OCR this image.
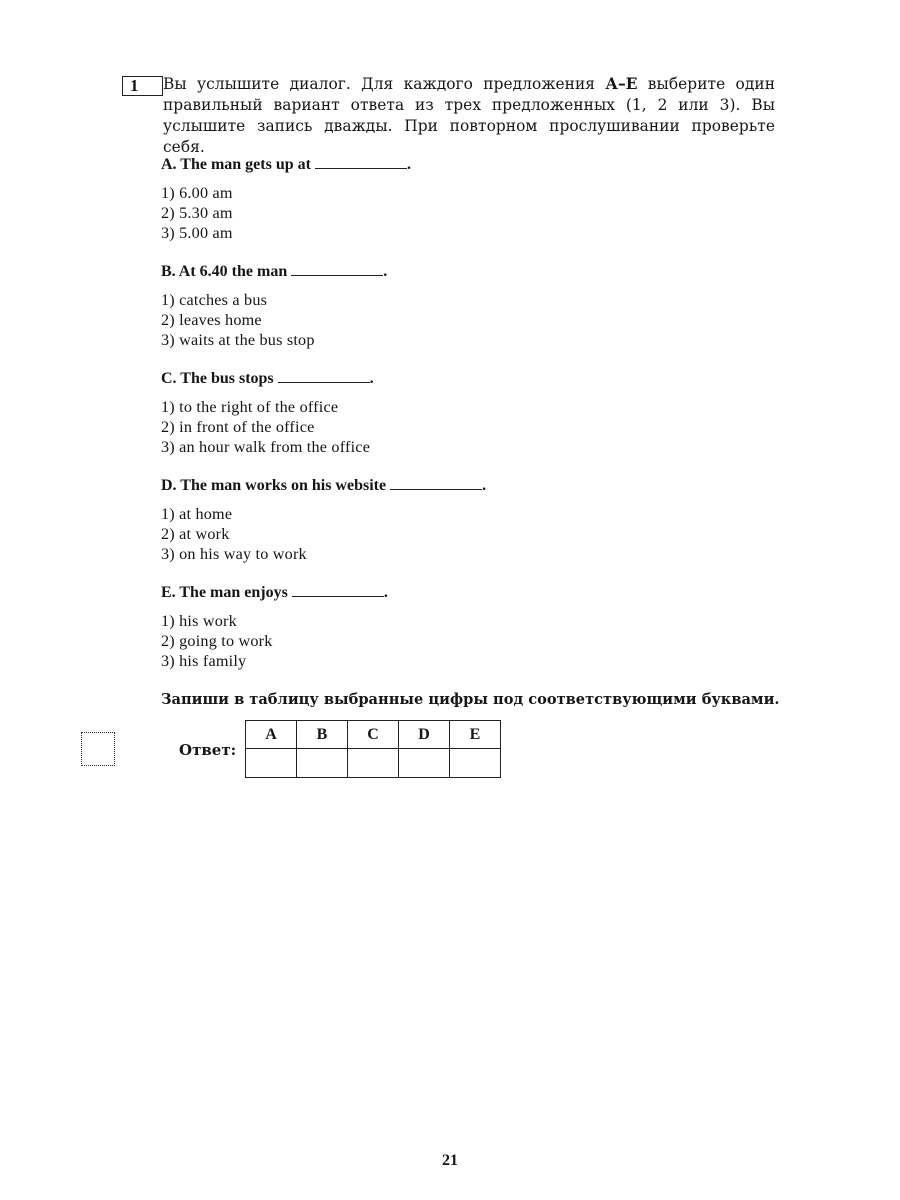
1	Вы услышите диалог. Для каждого предложения А–Е выберите один правильный вариант ответа из трех предложенных (1, 2 или 3). Вы услышите запись дважды. При повторном прослушивании проверьте себя.
A. The man gets up at	.
1) 6.00 am
2) 5.30 am
3) 5.00 am
B. At 6.40 the man	.
1) catches a bus
2) leaves home
3) waits at the bus stop
C. The bus stops	.
1) to the right of the office
2) in front of the office
3) an hour walk from the office
D. The man works on his website	.
1) at home
2) at work
3) on his way to work
E. The man enjoys	.
1) his work
2) going to work
3) his family
Запиши в таблицу выбранные цифры под соответствующими буквами.
Ответ:
A	B	C	D	E

21
